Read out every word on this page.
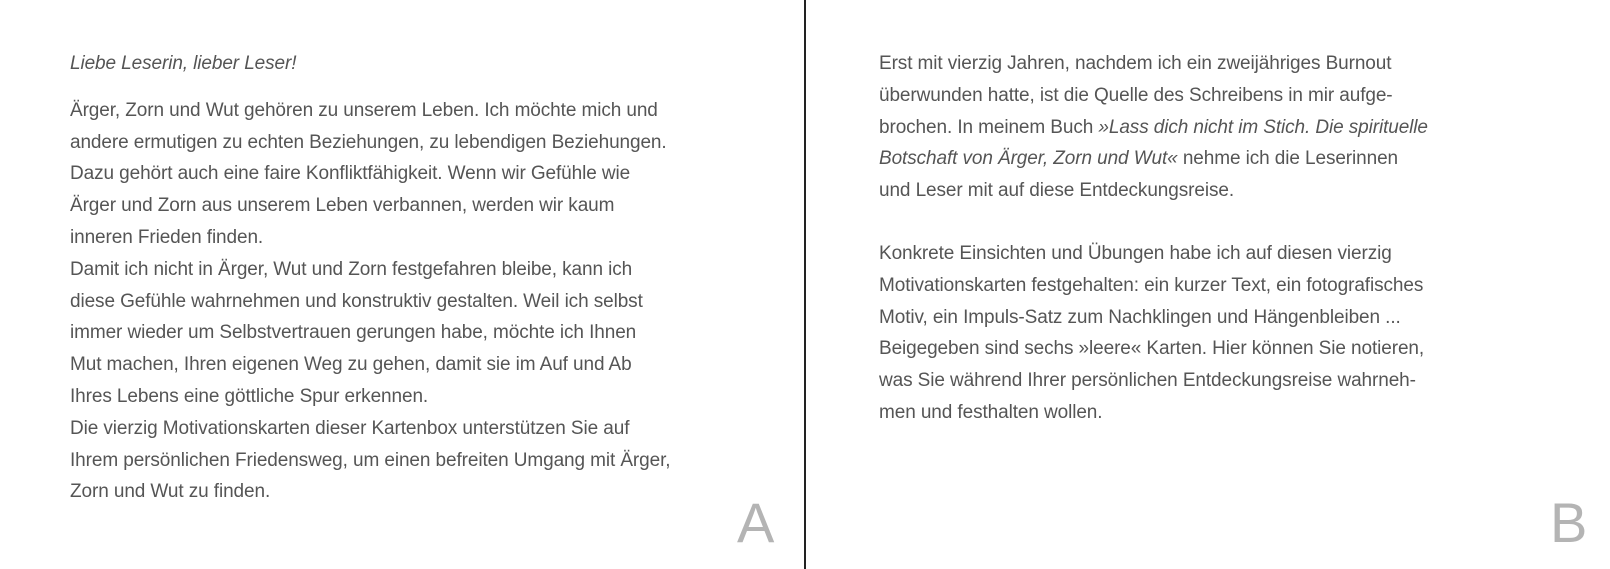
Liebe Leserin, lieber Leser!

Ärger, Zorn und Wut gehören zu unserem Leben. Ich möchte mich und
andere ermutigen zu echten Beziehungen, zu lebendigen Beziehungen.
Dazu gehört auch eine faire Konfliktfähigkeit. Wenn wir Gefühle wie
Ärger und Zorn aus unserem Leben verbannen, werden wir kaum
inneren Frieden finden.

Damit ich nicht in Ärger, Wut und Zorn festgefahren bleibe, kann ich
diese Gefühle wahrnehmen und konstruktiv gestalten. Weil ich selbst
immer wieder um Selbstvertrauen gerungen habe, möchte ich Ihnen
Mut machen, Ihren eigenen Weg zu gehen, damit sie im Auf und Ab
Ihres Lebens eine göttliche Spur erkennen.

Die vierzig Motivationskarten dieser Kartenbox unterstützen Sie auf
Ihrem persönlichen Friedensweg, um einen befreiten Umgang mit Ärger,
Zorn und Wut zu finden.	A

Erst mit vierzig Jahren, nachdem ich ein zweijähriges Burnout
überwunden hatte, ist die Quelle des Schreibens in mir aufge-
brochen. In meinem Buch »Lass dich nicht im Stich. Die spirituelle
Botschaft von Ärger, Zorn und Wut« nehme ich die Leserinnen
und Leser mit auf diese Entdeckungsreise.

Konkrete Einsichten und Übungen habe ich auf diesen vierzig
Motivationskarten festgehalten: ein kurzer Text, ein fotografisches
Motiv, ein Impuls-Satz zum Nachklingen und Hängenbleiben ...
Beigegeben sind sechs »leere« Karten. Hier können Sie notieren,
was Sie während Ihrer persönlichen Entdeckungsreise wahrneh-
men und festhalten wollen.

B
